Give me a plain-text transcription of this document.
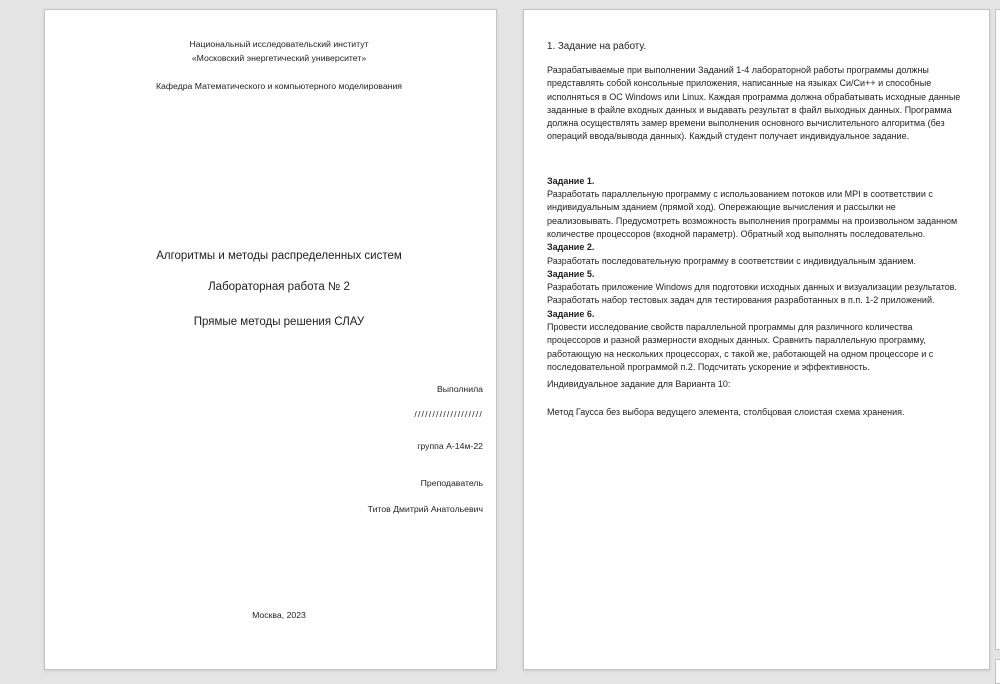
Национальный исследовательский институт
«Московский энергетический университет»
Кафедра Математического и компьютерного моделирования
Алгоритмы и методы распределенных систем
Лабораторная работа № 2
Прямые методы решения СЛАУ
Выполнила
///////////////////
группа А-14м-22
Преподаватель
Титов Дмитрий Анатольевич
Москва, 2023
1. Задание на работу.

Разрабатываемые при выполнении Заданий 1-4 лабораторной работы программы должны представлять собой консольные приложения, написанные на языках Си/Си++ и способные исполняться в ОС Windows или Linux. Каждая программа должна обрабатывать исходные данные заданные в файле входных данных и выдавать результат в файл выходных данных. Программа должна осуществлять замер времени выполнения основного вычислительного алгоритма (без операций ввода/вывода данных). Каждый студент получает индивидуальное задание.

Задание 1.
Разработать параллельную программу с использованием потоков или MPI в соответствии с индивидуальным зданием (прямой ход). Опережающие вычисления и рассылки не реализовывать. Предусмотреть возможность выполнения программы на произвольном заданном количестве процессоров (входной параметр). Обратный ход выполнять последовательно.
Задание 2.
Разработать последовательную программу в соответствии с индивидуальным зданием.
Задание 5.
Разработать приложение Windows для подготовки исходных данных и визуализации результатов. Разработать набор тестовых задач для тестирования разработанных в п.п. 1-2 приложений.
Задание 6.
Провести исследование свойств параллельной программы для различного количества процессоров и разной размерности входных данных. Сравнить параллельную программу, работающую на нескольких процессорах, с такой же, работающей на одном процессоре и с последовательной программой п.2. Подсчитать ускорение и эффективность.

Индивидуальное задание для Варианта 10:

Метод Гаусса без выбора ведущего элемента, столбцовая слоистая схема хранения.
